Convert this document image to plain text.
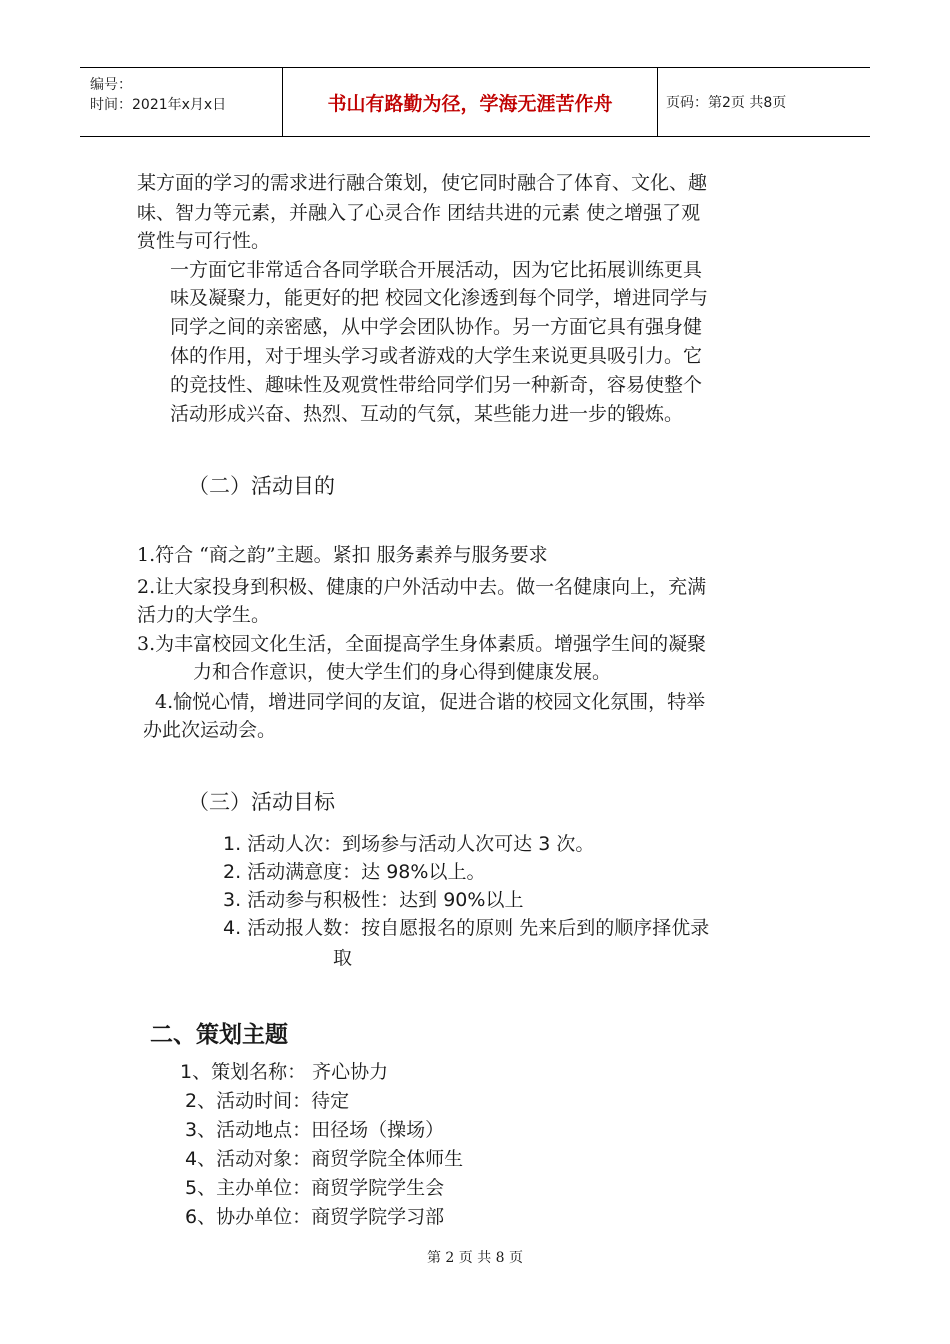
编号：
时间：2021年x月x日	书山有路勤为径，学海无涯苦作舟	页码：第2页 共8页
某方面的学习的需求进行融合策划，使它同时融合了体育、文化、趣
味、智力等元素，并融入了心灵合作 团结共进的元素 使之增强了观
赏性与可行性。
一方面它非常适合各同学联合开展活动，因为它比拓展训练更具
味及凝聚力，能更好的把 校园文化渗透到每个同学，增进同学与
同学之间的亲密感，从中学会团队协作。另一方面它具有强身健
体的作用，对于埋头学习或者游戏的大学生来说更具吸引力。它
的竞技性、趣味性及观赏性带给同学们另一种新奇，容易使整个
活动形成兴奋、热烈、互动的气氛，某些能力进一步的锻炼。
（二）活动目的
1.符合 “商之韵”主题。紧扣 服务素养与服务要求
2.让大家投身到积极、健康的户外活动中去。做一名健康向上，充满
活力的大学生。
3.为丰富校园文化生活，全面提高学生身体素质。增强学生间的凝聚
力和合作意识，使大学生们的身心得到健康发展。
4.愉悦心情，增进同学间的友谊，促进合谐的校园文化氛围，特举
办此次运动会。
（三）活动目标
1. 活动人次：到场参与活动人次可达 3 次。
2. 活动满意度：达 98%以上。
3. 活动参与积极性：达到 90%以上
4. 活动报人数：按自愿报名的原则 先来后到的顺序择优录
取
二、策划主题
1、策划名称： 齐心协力
2、活动时间：待定
3、活动地点：田径场（操场）
4、活动对象：商贸学院全体师生
5、主办单位：商贸学院学生会
6、协办单位：商贸学院学习部
第 2 页 共 8 页
